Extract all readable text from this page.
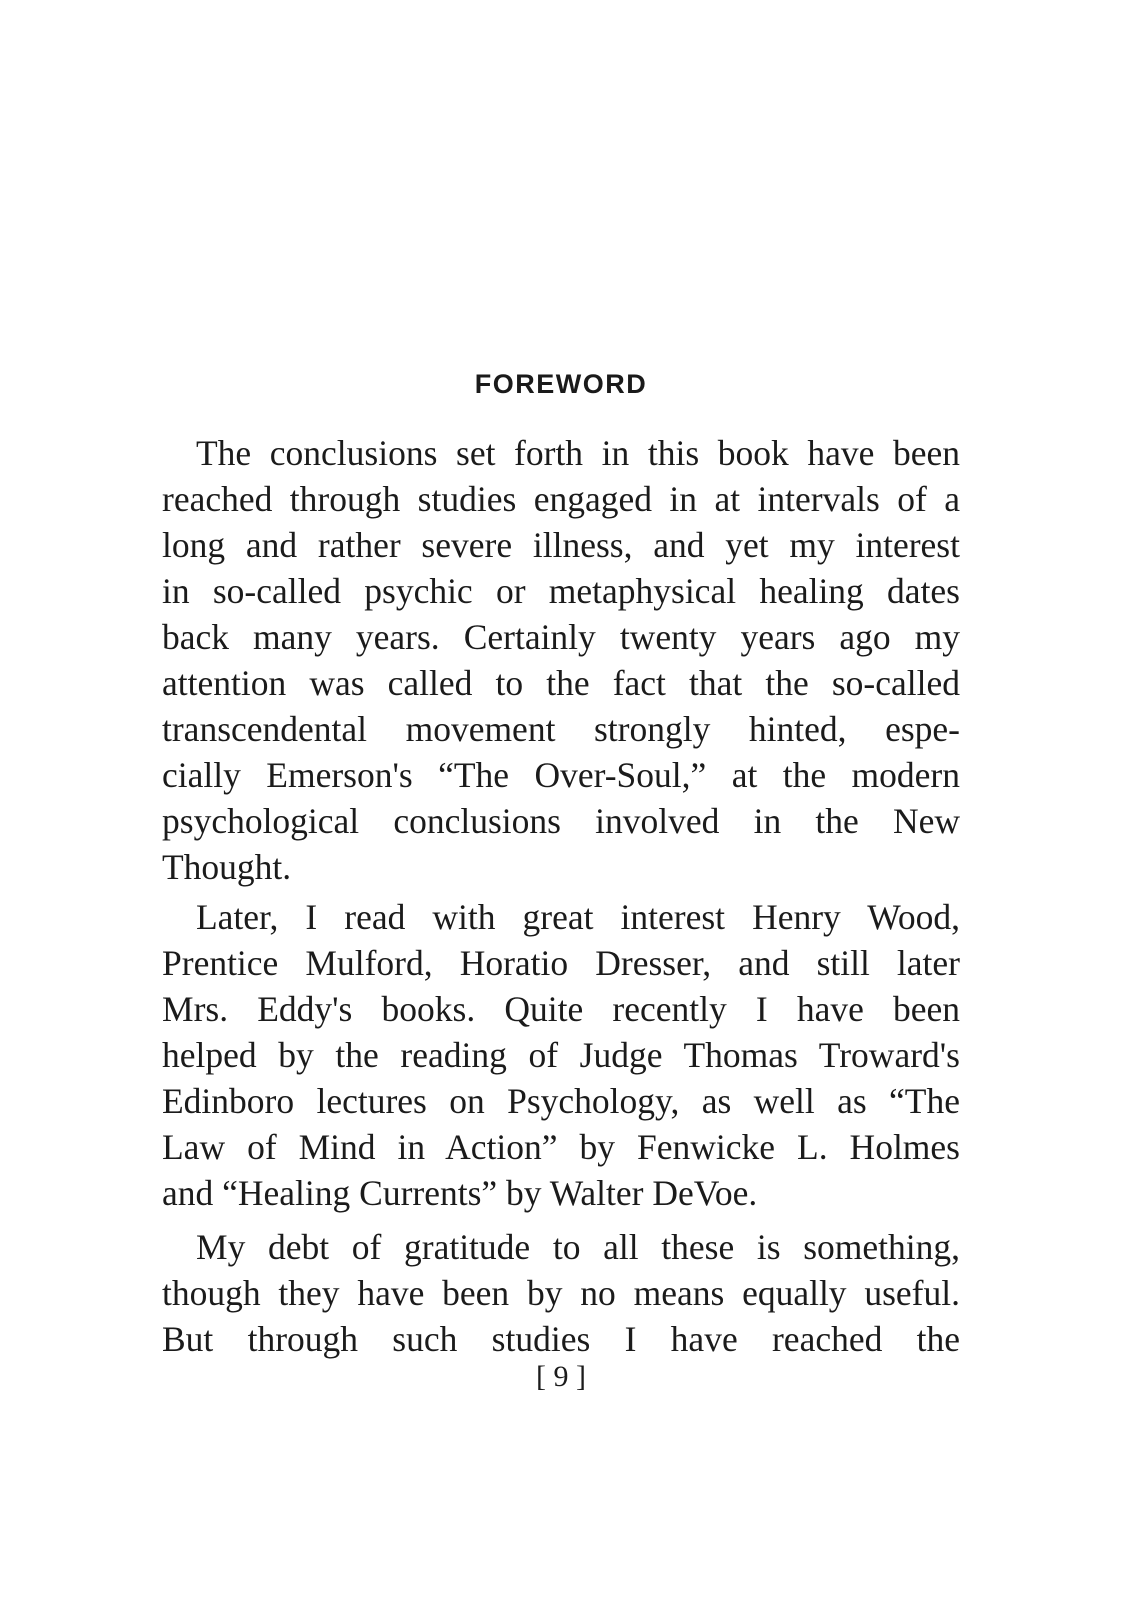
FOREWORD

The conclusions set forth in this book have been
reached through studies engaged in at intervals of a
long and rather severe illness, and yet my interest
in so-called psychic or metaphysical healing dates
back many years. Certainly twenty years ago my
attention was called to the fact that the so-called
transcendental movement strongly hinted, espe-
cially Emerson's “The Over-Soul,” at the modern
psychological conclusions involved in the New
Thought.

Later, I read with great interest Henry Wood,
Prentice Mulford, Horatio Dresser, and still later
Mrs. Eddy's books. Quite recently I have been
helped by the reading of Judge Thomas Troward's
Edinboro lectures on Psychology, as well as “The
Law of Mind in Action” by Fenwicke L. Holmes
and “Healing Currents” by Walter DeVoe.

My debt of gratitude to all these is something,
though they have been by no means equally useful.
But through such studies I have reached the

[ 9 ]
